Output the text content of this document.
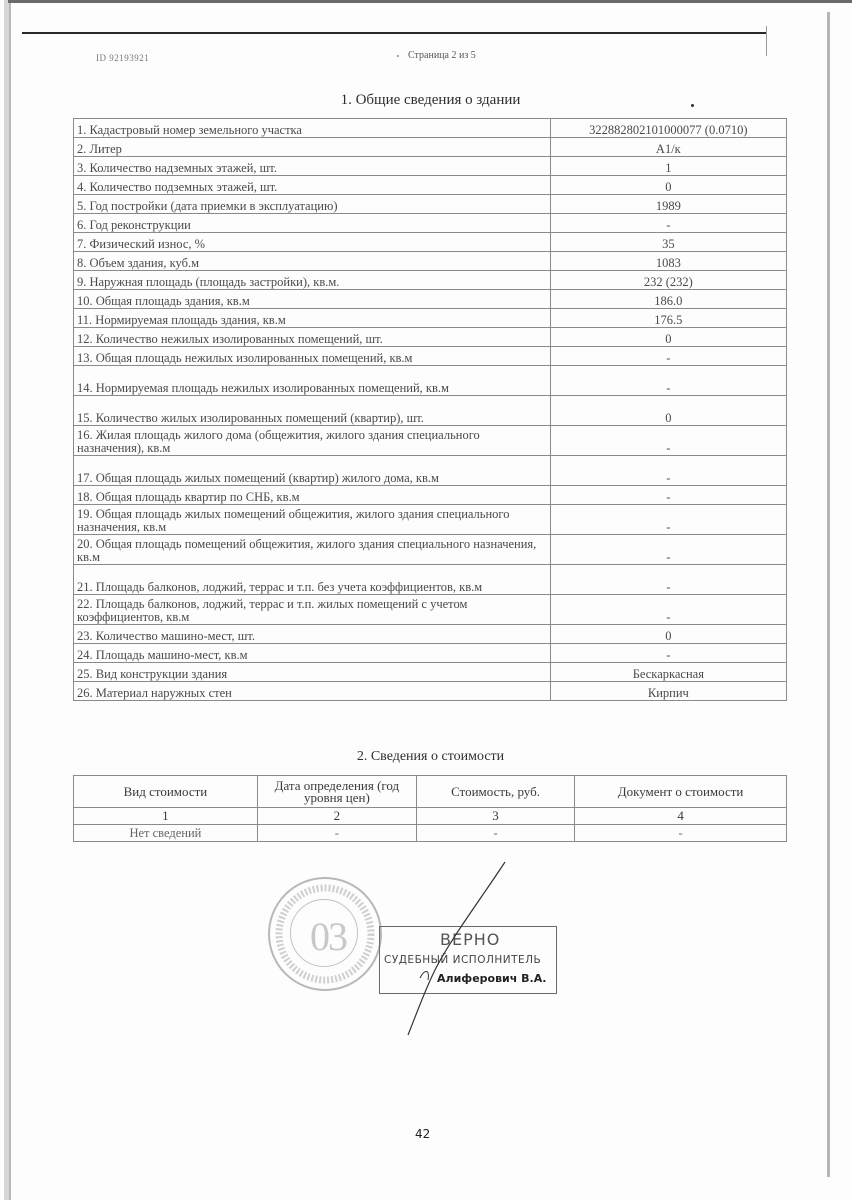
ID 92193921	Страница 2 из 5
1. Общие сведения о здании
1. Кадастровый номер земельного участка	322882802101000077 (0.0710)
2. Литер	А1/к
3. Количество надземных этажей, шт.	1
4. Количество подземных этажей, шт.	0
5. Год постройки (дата приемки в эксплуатацию)	1989
6. Год реконструкции	-
7. Физический износ, %	35
8. Объем здания, куб.м	1083
9. Наружная площадь (площадь застройки), кв.м.	232 (232)
10. Общая площадь здания, кв.м	186.0
11. Нормируемая площадь здания, кв.м	176.5
12. Количество нежилых изолированных помещений, шт.	0
13. Общая площадь нежилых изолированных помещений, кв.м	-
14. Нормируемая площадь нежилых изолированных помещений, кв.м	-
15. Количество жилых изолированных помещений (квартир), шт.	0
16. Жилая площадь жилого дома (общежития, жилого здания специального назначения), кв.м	-
17. Общая площадь жилых помещений (квартир) жилого дома, кв.м	-
18. Общая площадь квартир по СНБ, кв.м	-
19. Общая площадь жилых помещений общежития, жилого здания специального назначения, кв.м	-
20. Общая площадь помещений общежития, жилого здания специального назначения, кв.м	-
21. Площадь балконов, лоджий, террас и т.п. без учета коэффициентов, кв.м	-
22. Площадь балконов, лоджий, террас и т.п. жилых помещений с учетом коэффициентов, кв.м	-
23. Количество машино-мест, шт.	0
24. Площадь машино-мест, кв.м	-
25. Вид конструкции здания	Бескаркасная
26. Материал наружных стен	Кирпич
2. Сведения о стоимости
Вид стоимости	Дата определения (год уровня цен)	Стоимость, руб.	Документ о стоимости
1	2	3	4
Нет сведений	-	-	-
03	ВЕРНО
СУДЕБНЫЙ ИСПОЛНИТЕЛЬ
Алиферович В.А.
42
